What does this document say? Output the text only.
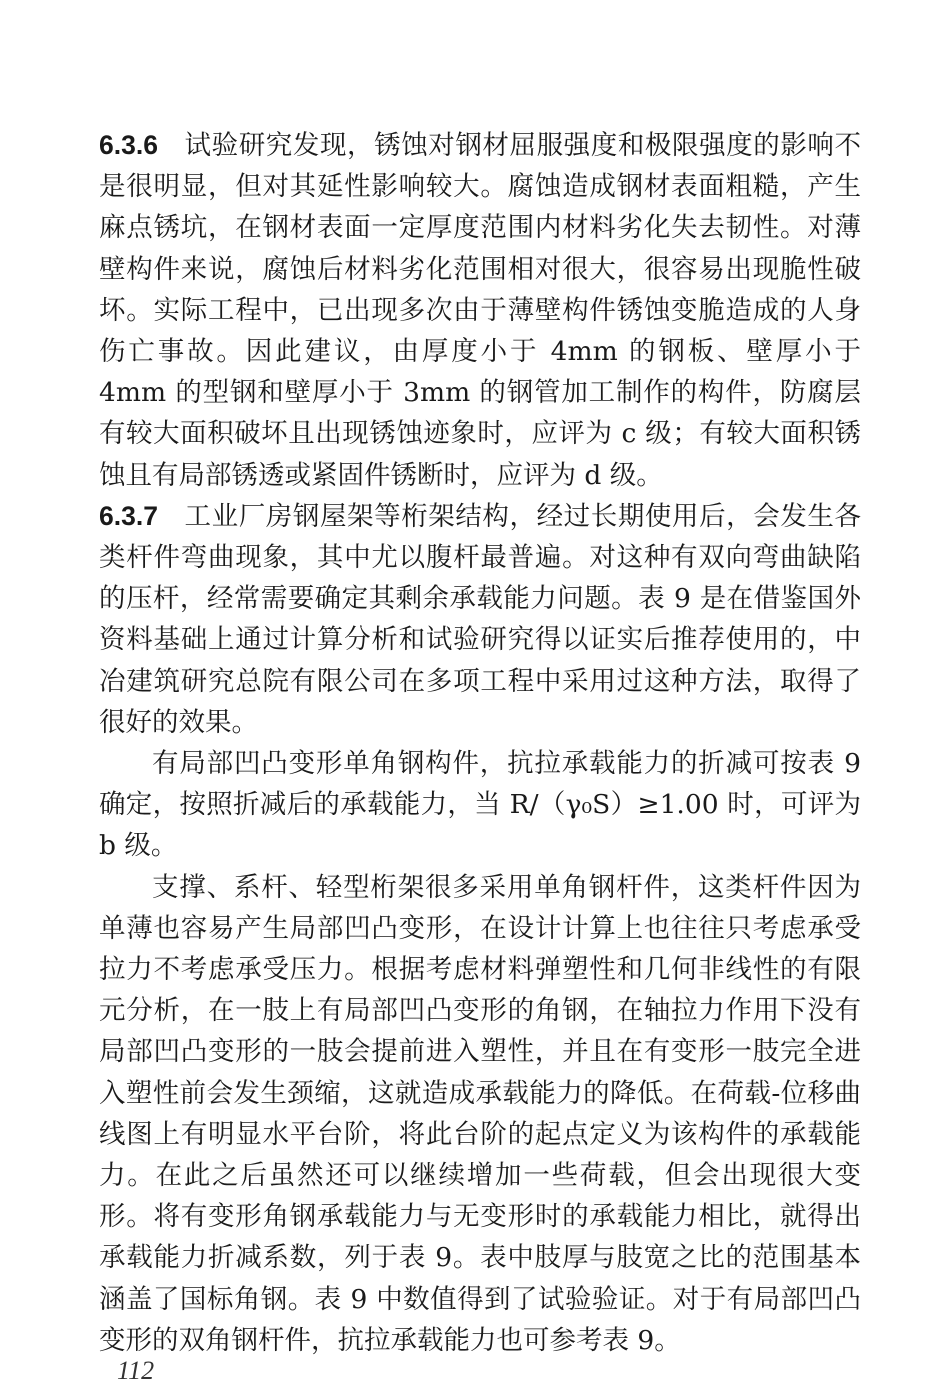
6.3.6 试验研究发现，锈蚀对钢材屈服强度和极限强度的影响不是很明显，但对其延性影响较大。腐蚀造成钢材表面粗糙，产生麻点锈坑，在钢材表面一定厚度范围内材料劣化失去韧性。对薄壁构件来说，腐蚀后材料劣化范围相对很大，很容易出现脆性破坏。实际工程中，已出现多次由于薄壁构件锈蚀变脆造成的人身伤亡事故。因此建议，由厚度小于 4mm 的钢板、壁厚小于 4mm 的型钢和壁厚小于 3mm 的钢管加工制作的构件，防腐层有较大面积破坏且出现锈蚀迹象时，应评为 c 级；有较大面积锈蚀且有局部锈透或紧固件锈断时，应评为 d 级。

6.3.7 工业厂房钢屋架等桁架结构，经过长期使用后，会发生各类杆件弯曲现象，其中尤以腹杆最普遍。对这种有双向弯曲缺陷的压杆，经常需要确定其剩余承载能力问题。表 9 是在借鉴国外资料基础上通过计算分析和试验研究得以证实后推荐使用的，中冶建筑研究总院有限公司在多项工程中采用过这种方法，取得了很好的效果。

有局部凹凸变形单角钢构件，抗拉承载能力的折减可按表 9 确定，按照折减后的承载能力，当 R/（γ₀S）≥1.00 时，可评为 b 级。

支撑、系杆、轻型桁架很多采用单角钢杆件，这类杆件因为单薄也容易产生局部凹凸变形，在设计计算上也往往只考虑承受拉力不考虑承受压力。根据考虑材料弹塑性和几何非线性的有限元分析，在一肢上有局部凹凸变形的角钢，在轴拉力作用下没有局部凹凸变形的一肢会提前进入塑性，并且在有变形一肢完全进入塑性前会发生颈缩，这就造成承载能力的降低。在荷载-位移曲线图上有明显水平台阶，将此台阶的起点定义为该构件的承载能力。在此之后虽然还可以继续增加一些荷载，但会出现很大变形。将有变形角钢承载能力与无变形时的承载能力相比，就得出承载能力折减系数，列于表 9。表中肢厚与肢宽之比的范围基本涵盖了国标角钢。表 9 中数值得到了试验验证。对于有局部凹凸变形的双角钢杆件，抗拉承载能力也可参考表 9。

112
